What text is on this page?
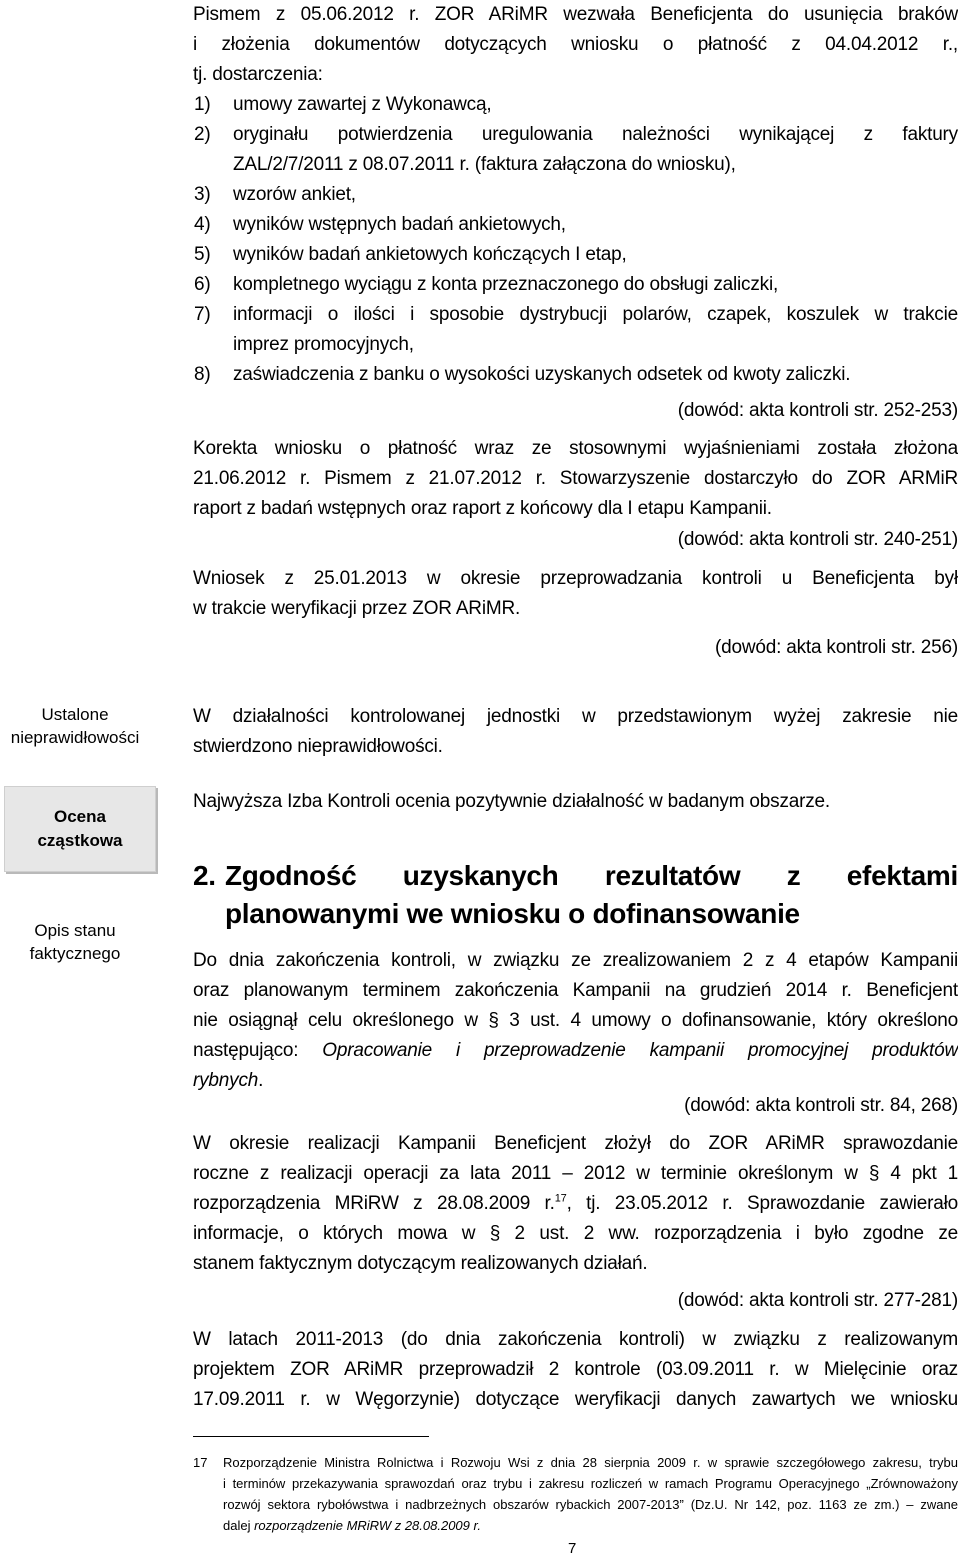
Pismem z 05.06.2012 r. ZOR ARiMR wezwała Beneficjenta do usunięcia braków
i złożenia dokumentów dotyczących wniosku o płatność z 04.04.2012 r.,
tj. dostarczenia:
1) umowy zawartej z Wykonawcą,
2) oryginału potwierdzenia uregulowania należności wynikającej z faktury
ZAL/2/7/2011 z 08.07.2011 r. (faktura załączona do wniosku),
3) wzorów ankiet,
4) wyników wstępnych badań ankietowych,
5) wyników badań ankietowych kończących I etap,
6) kompletnego wyciągu z konta przeznaczonego do obsługi zaliczki,
7) informacji o ilości i sposobie dystrybucji polarów, czapek, koszulek w trakcie
imprez promocyjnych,
8) zaświadczenia z banku o wysokości uzyskanych odsetek od kwoty zaliczki.
(dowód: akta kontroli str. 252-253)
Korekta wniosku o płatność wraz ze stosownymi wyjaśnieniami została złożona
21.06.2012 r. Pismem z 21.07.2012 r. Stowarzyszenie dostarczyło do ZOR ARMiR
raport z badań wstępnych oraz raport z końcowy dla I etapu Kampanii.
(dowód: akta kontroli str. 240-251)
Wniosek z 25.01.2013 w okresie przeprowadzania kontroli u Beneficjenta był
w trakcie weryfikacji przez ZOR ARiMR.
(dowód: akta kontroli str. 256)
Ustalone
nieprawidłowości
Ocena
cząstkowa
Opis stanu
faktycznego
W działalności kontrolowanej jednostki w przedstawionym wyżej zakresie nie
stwierdzono nieprawidłowości.
Najwyższa Izba Kontroli ocenia pozytywnie działalność w badanym obszarze.
2. Zgodność uzyskanych rezultatów z efektami
planowanymi we wniosku o dofinansowanie
Do dnia zakończenia kontroli, w związku ze zrealizowaniem 2 z 4 etapów Kampanii
oraz planowanym terminem zakończenia Kampanii na grudzień 2014 r. Beneficjent
nie osiągnął celu określonego w § 3 ust. 4 umowy o dofinansowanie, który określono
następująco: Opracowanie i przeprowadzenie kampanii promocyjnej produktów
rybnych.
(dowód: akta kontroli str. 84, 268)
W okresie realizacji Kampanii Beneficjent złożył do ZOR ARiMR sprawozdanie
roczne z realizacji operacji za lata 2011 – 2012 w terminie określonym w § 4 pkt 1
rozporządzenia MRiRW z 28.08.2009 r.$^{17}$, tj. 23.05.2012 r. Sprawozdanie zawierało
informacje, o których mowa w § 2 ust. 2 ww. rozporządzenia i było zgodne ze
stanem faktycznym dotyczącym realizowanych działań.
(dowód: akta kontroli str. 277-281)
W latach 2011-2013 (do dnia zakończenia kontroli) w związku z realizowanym
projektem ZOR ARiMR przeprowadził 2 kontrole (03.09.2011 r. w Mielęcinie oraz
17.09.2011 r. w Węgorzynie) dotyczące weryfikacji danych zawartych we wniosku
17 Rozporządzenie Ministra Rolnictwa i Rozwoju Wsi z dnia 28 sierpnia 2009 r. w sprawie szczegółowego zakresu, trybu
i terminów przekazywania sprawozdań oraz trybu i zakresu rozliczeń w ramach Programu Operacyjnego „Zrównoważony
rozwój sektora rybołówstwa i nadbrzeżnych obszarów rybackich 2007-2013” (Dz.U. Nr 142, poz. 1163 ze zm.) – zwane
dalej rozporządzenie MRiRW z 28.08.2009 r.
7
